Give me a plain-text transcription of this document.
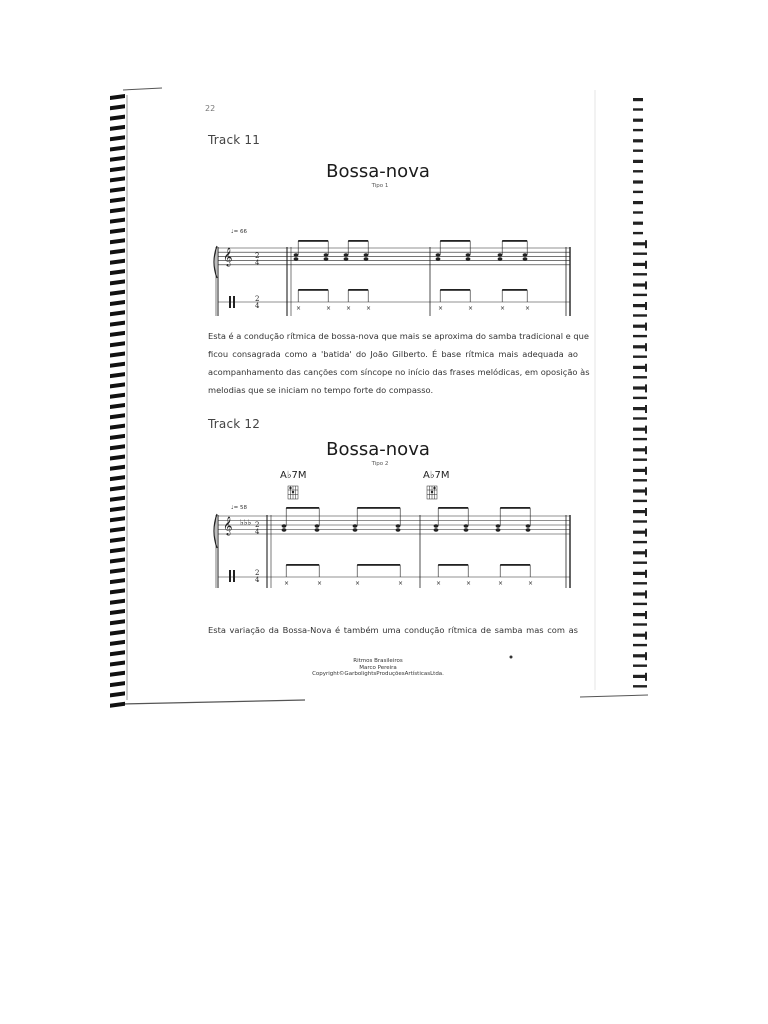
×	× × ×	×	×	×	×
𝄞	2
4
2
4
×	×	×	×	×	×	×	×
𝄞 ♭♭♭ 2
4
2
4
22
Track 11
Bossa-nova
Tipo 1
♩= 66
Esta é a condução rítmica de bossa-nova que mais se aproxima do samba tradicional e que
ficou consagrada como a 'batida' do João Gilberto. É base rítmica mais adequada ao
acompanhamento das canções com síncope no início das frases melódicas, em oposição às
melodias que se iniciam no tempo forte do compasso.
Track 12
Bossa-nova
Tipo 2
A♭7M	A♭7M
♩= 58
Esta variação da Bossa-Nova é também uma condução rítmica de samba mas com as
Ritmos Brasileiros
Marco Pereira
Copyright©GarbolightsProduçõesArtísticasLtda.
